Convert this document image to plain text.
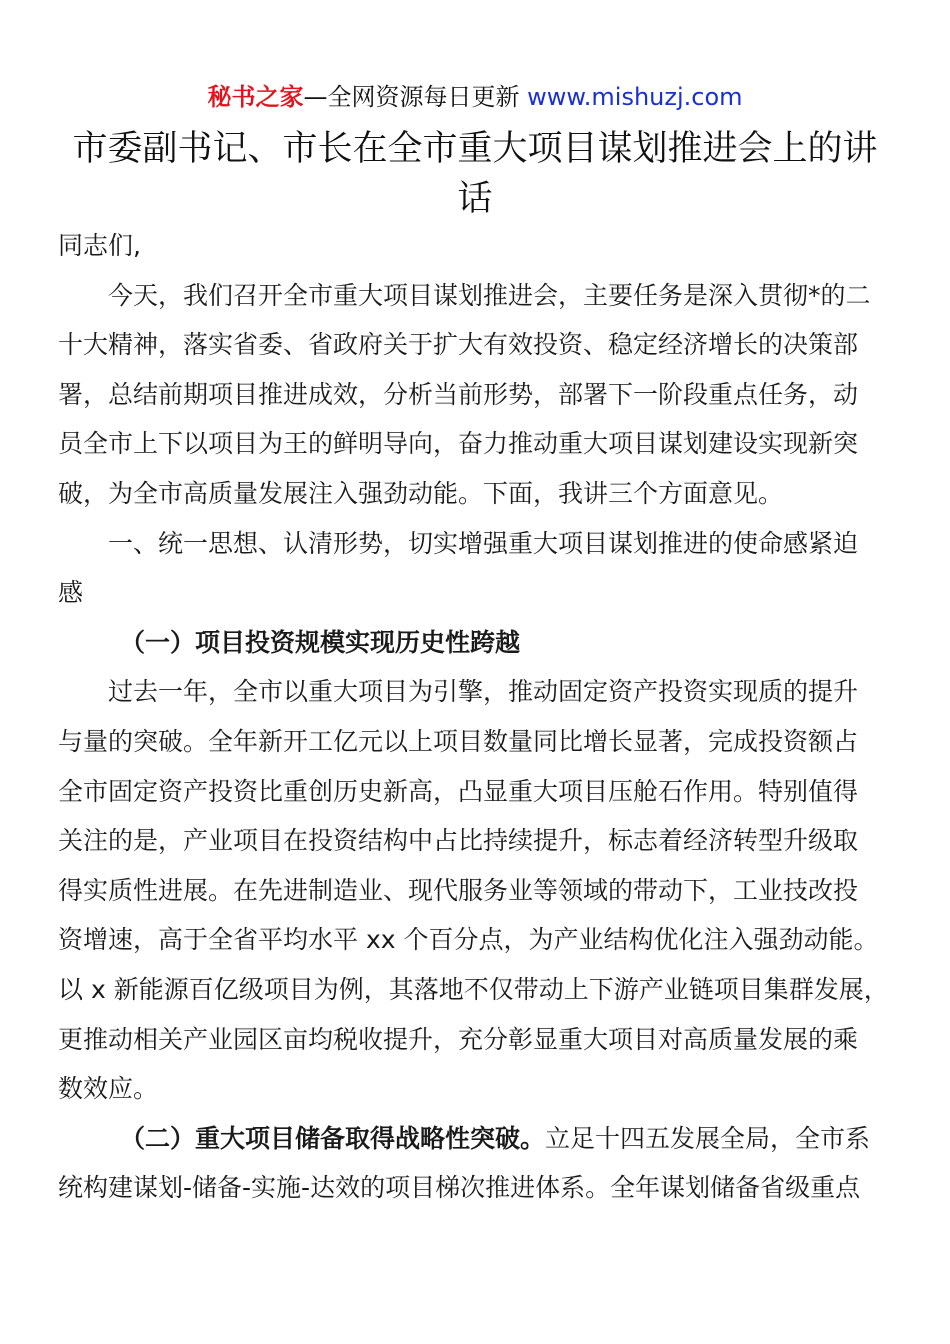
秘书之家—全网资源每日更新 www.mishuzj.com
市委副书记、市长在全市重大项目谋划推进会上的讲
话
同志们,
今天，我们召开全市重大项目谋划推进会，主要任务是深入贯彻*的二
十大精神，落实省委、省政府关于扩大有效投资、稳定经济增长的决策部
署，总结前期项目推进成效，分析当前形势，部署下一阶段重点任务，动
员全市上下以项目为王的鲜明导向，奋力推动重大项目谋划建设实现新突
破，为全市高质量发展注入强劲动能。下面，我讲三个方面意见。
一、统一思想、认清形势，切实增强重大项目谋划推进的使命感紧迫
感
（一）项目投资规模实现历史性跨越
过去一年，全市以重大项目为引擎，推动固定资产投资实现质的提升
与量的突破。全年新开工亿元以上项目数量同比增长显著，完成投资额占
全市固定资产投资比重创历史新高，凸显重大项目压舱石作用。特别值得
关注的是，产业项目在投资结构中占比持续提升，标志着经济转型升级取
得实质性进展。在先进制造业、现代服务业等领域的带动下，工业技改投
资增速，高于全省平均水平 xx 个百分点，为产业结构优化注入强劲动能。
以 x 新能源百亿级项目为例，其落地不仅带动上下游产业链项目集群发展，
更推动相关产业园区亩均税收提升，充分彰显重大项目对高质量发展的乘
数效应。
（二）重大项目储备取得战略性突破。立足十四五发展全局，全市系
统构建谋划-储备-实施-达效的项目梯次推进体系。全年谋划储备省级重点
